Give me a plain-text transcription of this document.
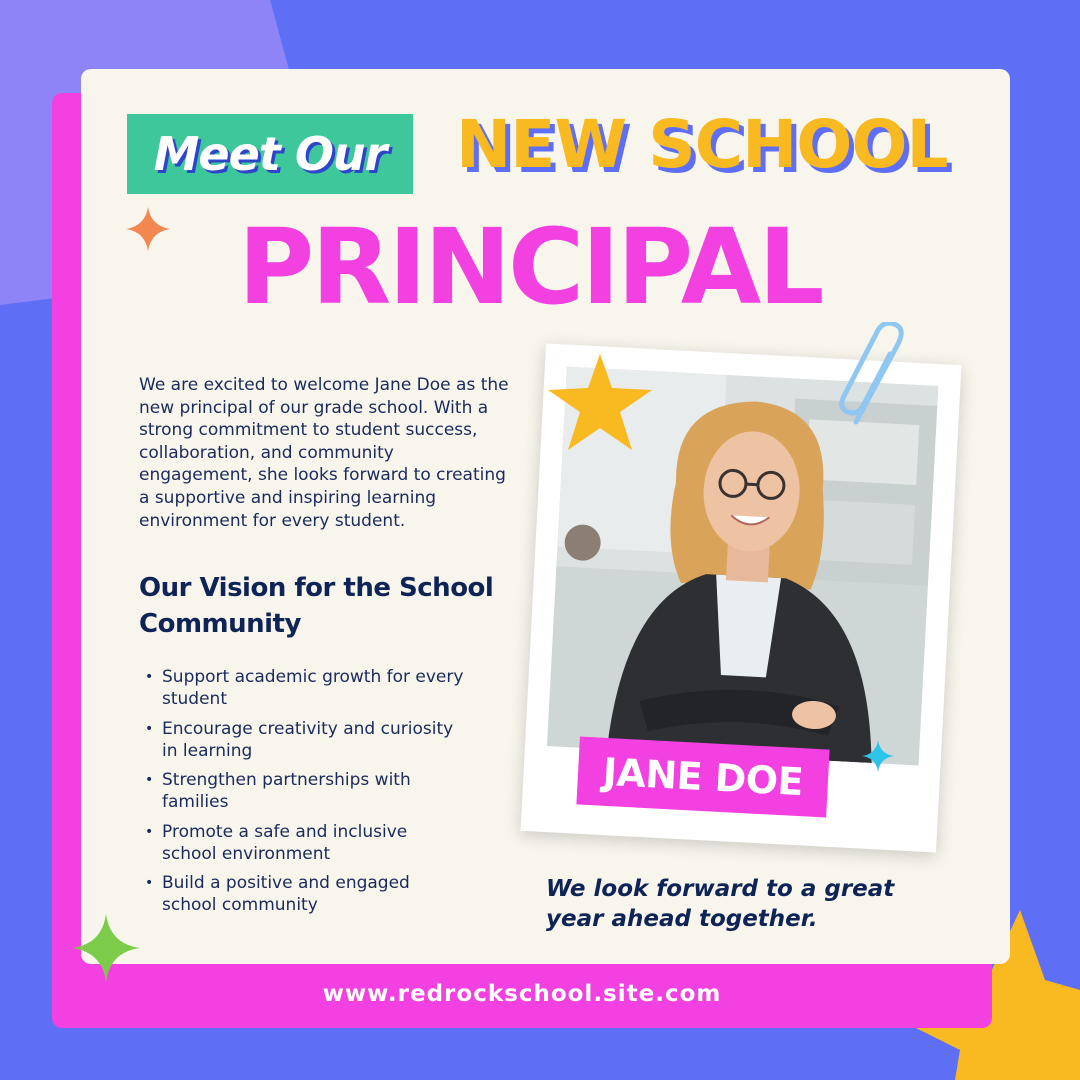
Meet Our	NEW SCHOOL
PRINCIPAL

We are excited to welcome Jane Doe as the new principal of our grade school. With a strong commitment to student success, collaboration, and community engagement, she looks forward to creating a supportive and inspiring learning environment for every student.

Our Vision for the School Community
• Support academic growth for every student
• Encourage creativity and curiosity in learning
• Strengthen partnerships with families
• Promote a safe and inclusive school environment
• Build a positive and engaged school community
JANE DOE

We look forward to a great year ahead together.

www.redrockschool.site.com
